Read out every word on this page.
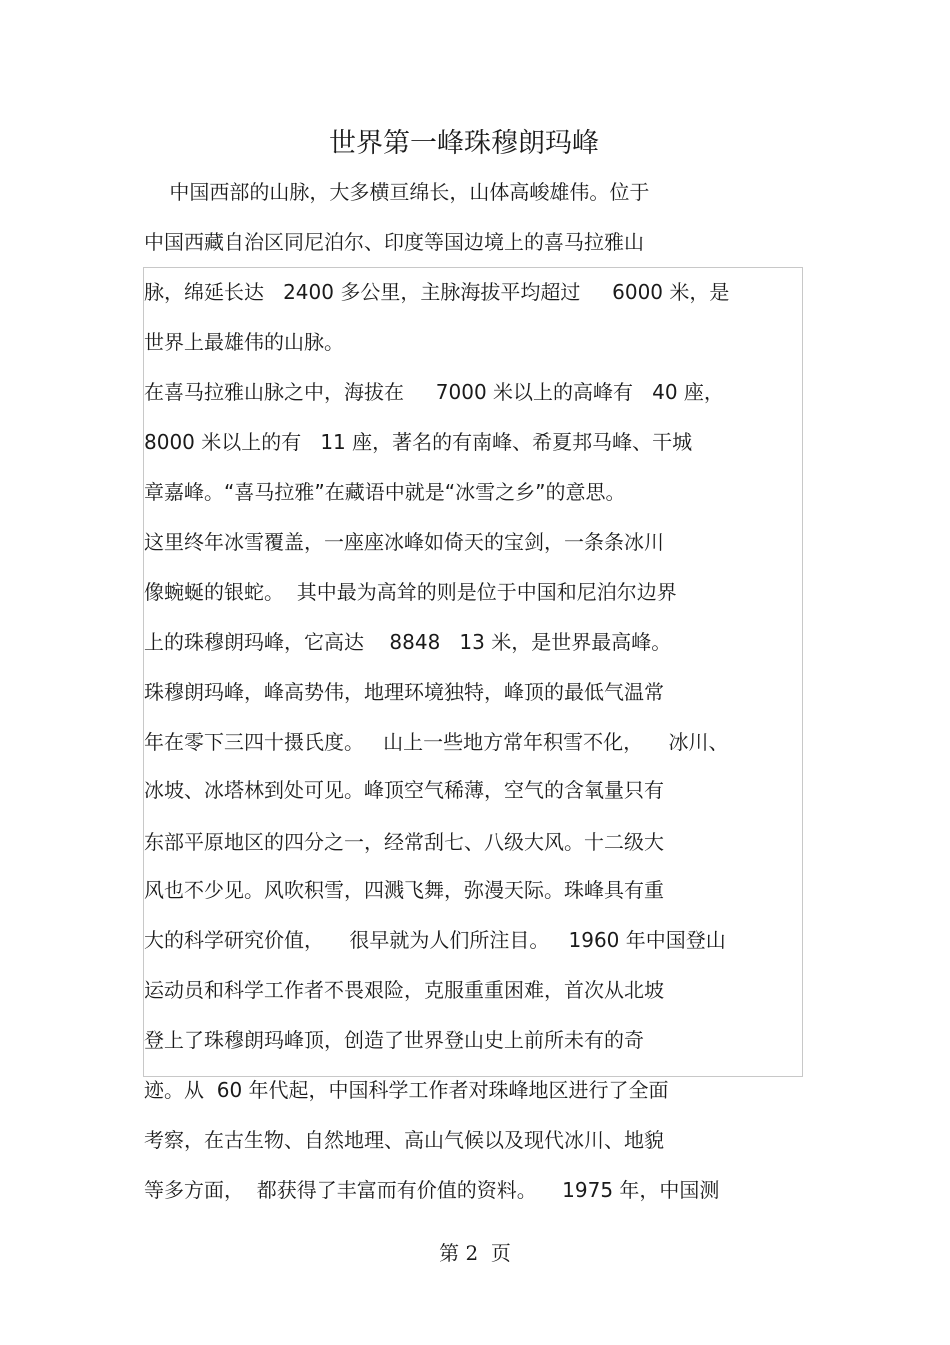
世界第一峰珠穆朗玛峰
中国西部的山脉，大多横亘绵长，山体高峻雄伟。位于
中国西藏自治区同尼泊尔、印度等国边境上的喜马拉雅山
脉，绵延长达   2400 多公里，主脉海拔平均超过     6000 米，是
世界上最雄伟的山脉。
在喜马拉雅山脉之中，海拔在     7000 米以上的高峰有   40 座，
8000 米以上的有   11 座，著名的有南峰、希夏邦马峰、干城
章嘉峰。“喜马拉雅”在藏语中就是“冰雪之乡”的意思。
这里终年冰雪覆盖，一座座冰峰如倚天的宝剑，一条条冰川
像蜿蜒的银蛇。  其中最为高耸的则是位于中国和尼泊尔边界
上的珠穆朗玛峰，它高达    8848   13 米，是世界最高峰。
珠穆朗玛峰，峰高势伟，地理环境独特，峰顶的最低气温常
年在零下三四十摄氏度。   山上一些地方常年积雪不化，    冰川、
冰坡、冰塔林到处可见。峰顶空气稀薄，空气的含氧量只有
东部平原地区的四分之一，经常刮七、八级大风。十二级大
风也不少见。风吹积雪，四溅飞舞，弥漫天际。珠峰具有重
大的科学研究价值，    很早就为人们所注目。   1960 年中国登山
运动员和科学工作者不畏艰险，克服重重困难，首次从北坡
登上了珠穆朗玛峰顶，创造了世界登山史上前所未有的奇
迹。从  60 年代起，中国科学工作者对珠峰地区进行了全面
考察，在古生物、自然地理、高山气候以及现代冰川、地貌
等多方面，  都获得了丰富而有价值的资料。    1975 年，中国测
第 2  页
